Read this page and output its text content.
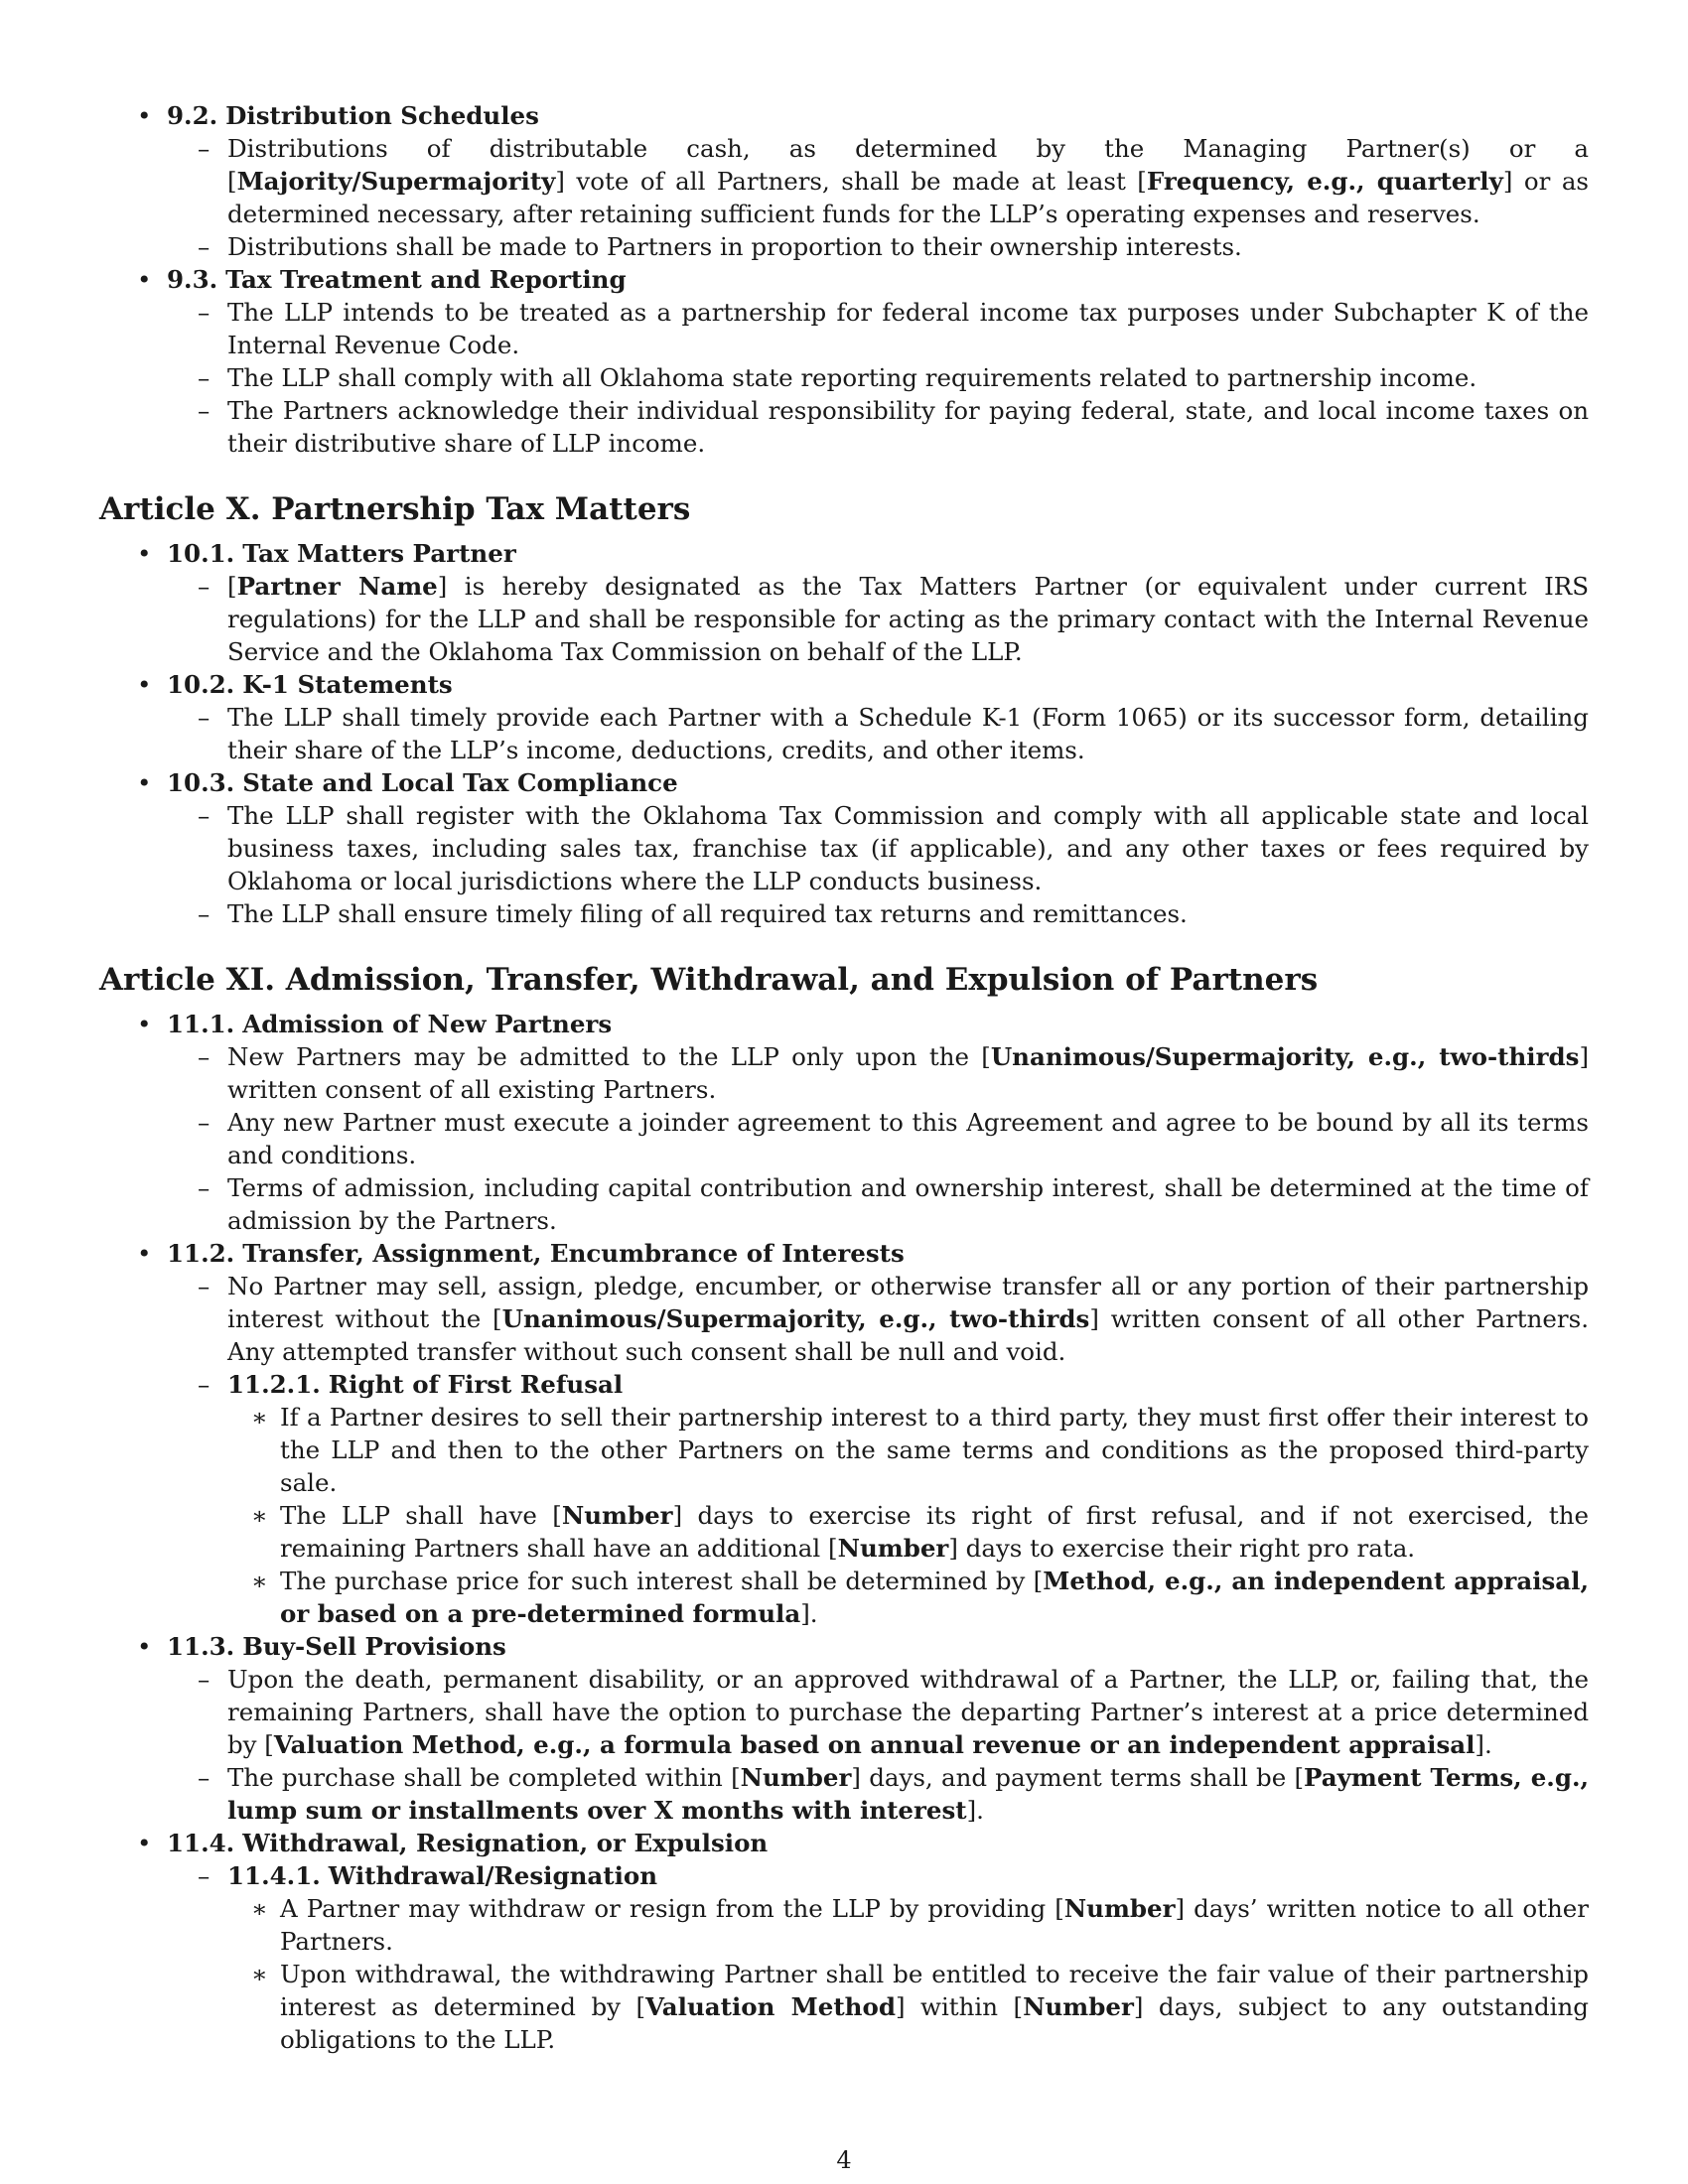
• 9.2. Distribution Schedules
– Distributions of distributable cash, as determined by the Managing Partner(s) or a [Majority/Supermajority] vote of all Partners, shall be made at least [Frequency, e.g., quarterly] or as determined necessary, after retaining sufficient funds for the LLP’s operating expenses and reserves.
– Distributions shall be made to Partners in proportion to their ownership interests.
• 9.3. Tax Treatment and Reporting
– The LLP intends to be treated as a partnership for federal income tax purposes under Subchapter K of the Internal Revenue Code.
– The LLP shall comply with all Oklahoma state reporting requirements related to partnership income.
– The Partners acknowledge their individual responsibility for paying federal, state, and local income taxes on their distributive share of LLP income.
Article X. Partnership Tax Matters
• 10.1. Tax Matters Partner
– [Partner Name] is hereby designated as the Tax Matters Partner (or equivalent under current IRS regulations) for the LLP and shall be responsible for acting as the primary contact with the Internal Revenue Service and the Oklahoma Tax Commission on behalf of the LLP.
• 10.2. K-1 Statements
– The LLP shall timely provide each Partner with a Schedule K-1 (Form 1065) or its successor form, detailing their share of the LLP’s income, deductions, credits, and other items.
• 10.3. State and Local Tax Compliance
– The LLP shall register with the Oklahoma Tax Commission and comply with all applicable state and local business taxes, including sales tax, franchise tax (if applicable), and any other taxes or fees required by Oklahoma or local jurisdictions where the LLP conducts business.
– The LLP shall ensure timely filing of all required tax returns and remittances.
Article XI. Admission, Transfer, Withdrawal, and Expulsion of Partners
• 11.1. Admission of New Partners
– New Partners may be admitted to the LLP only upon the [Unanimous/Supermajority, e.g., two-thirds] written consent of all existing Partners.
– Any new Partner must execute a joinder agreement to this Agreement and agree to be bound by all its terms and conditions.
– Terms of admission, including capital contribution and ownership interest, shall be determined at the time of admission by the Partners.
• 11.2. Transfer, Assignment, Encumbrance of Interests
– No Partner may sell, assign, pledge, encumber, or otherwise transfer all or any portion of their partnership interest without the [Unanimous/Supermajority, e.g., two-thirds] written consent of all other Partners. Any attempted transfer without such consent shall be null and void.
– 11.2.1. Right of First Refusal
∗ If a Partner desires to sell their partnership interest to a third party, they must first offer their interest to the LLP and then to the other Partners on the same terms and conditions as the proposed third-party sale.
∗ The LLP shall have [Number] days to exercise its right of first refusal, and if not exercised, the remaining Partners shall have an additional [Number] days to exercise their right pro rata.
∗ The purchase price for such interest shall be determined by [Method, e.g., an independent appraisal, or based on a pre-determined formula].
• 11.3. Buy-Sell Provisions
– Upon the death, permanent disability, or an approved withdrawal of a Partner, the LLP, or, failing that, the remaining Partners, shall have the option to purchase the departing Partner’s interest at a price determined by [Valuation Method, e.g., a formula based on annual revenue or an independent appraisal].
– The purchase shall be completed within [Number] days, and payment terms shall be [Payment Terms, e.g., lump sum or installments over X months with interest].
• 11.4. Withdrawal, Resignation, or Expulsion
– 11.4.1. Withdrawal/Resignation
∗ A Partner may withdraw or resign from the LLP by providing [Number] days’ written notice to all other Partners.
∗ Upon withdrawal, the withdrawing Partner shall be entitled to receive the fair value of their partnership interest as determined by [Valuation Method] within [Number] days, subject to any outstanding obligations to the LLP.
4
